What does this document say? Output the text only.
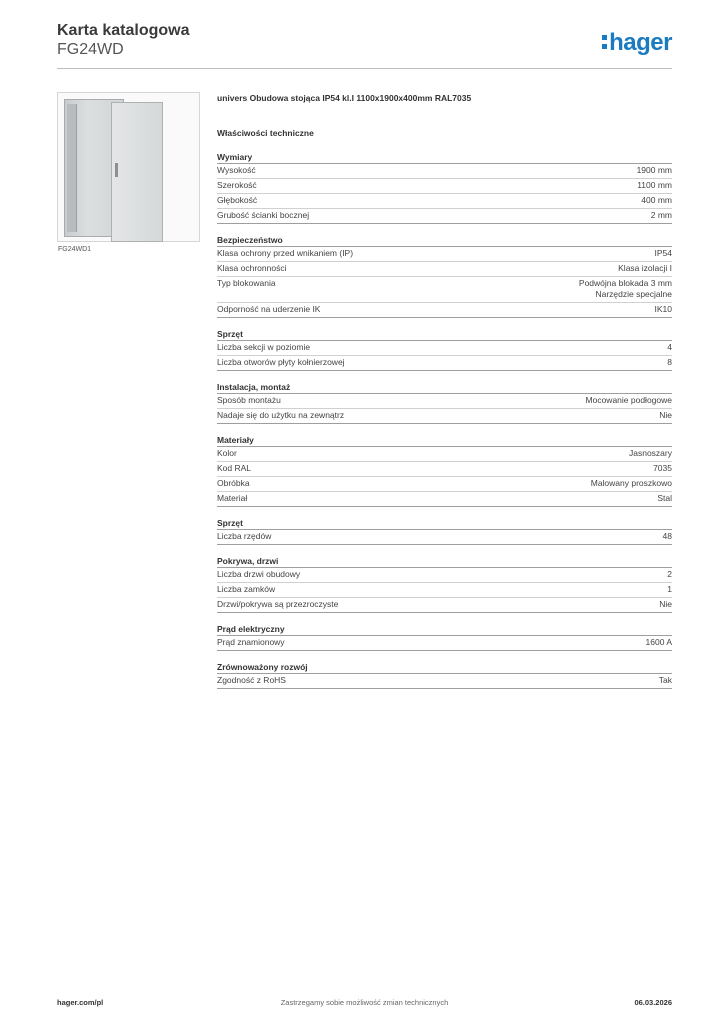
Karta katalogowa
FG24WD	hager
FG24WD1
univers Obudowa stojąca IP54 kl.I 1100x1900x400mm RAL7035
Właściwości techniczne
Wymiary
Wysokość	1900 mm
Szerokość	1100 mm
Głębokość	400 mm
Grubość ścianki bocznej	2 mm
Bezpieczeństwo
Klasa ochrony przed wnikaniem (IP)	IP54
Klasa ochronności	Klasa izolacji I
Typ blokowania	Podwójna blokada 3 mm
Narzędzie specjalne
Odporność na uderzenie IK	IK10
Sprzęt
Liczba sekcji w poziomie	4
Liczba otworów płyty kołnierzowej	8
Instalacja, montaż
Sposób montażu	Mocowanie podłogowe
Nadaje się do użytku na zewnątrz	Nie
Materiały
Kolor	Jasnoszary
Kod RAL	7035
Obróbka	Malowany proszkowo
Materiał	Stal
Sprzęt
Liczba rzędów	48
Pokrywa, drzwi
Liczba drzwi obudowy	2
Liczba zamków	1
Drzwi/pokrywa są przezroczyste	Nie
Prąd elektryczny
Prąd znamionowy	1600 A
Zrównoważony rozwój
Zgodność z RoHS	Tak
hager.com/pl	Zastrzegamy sobie możliwość zmian technicznych	06.03.2026
